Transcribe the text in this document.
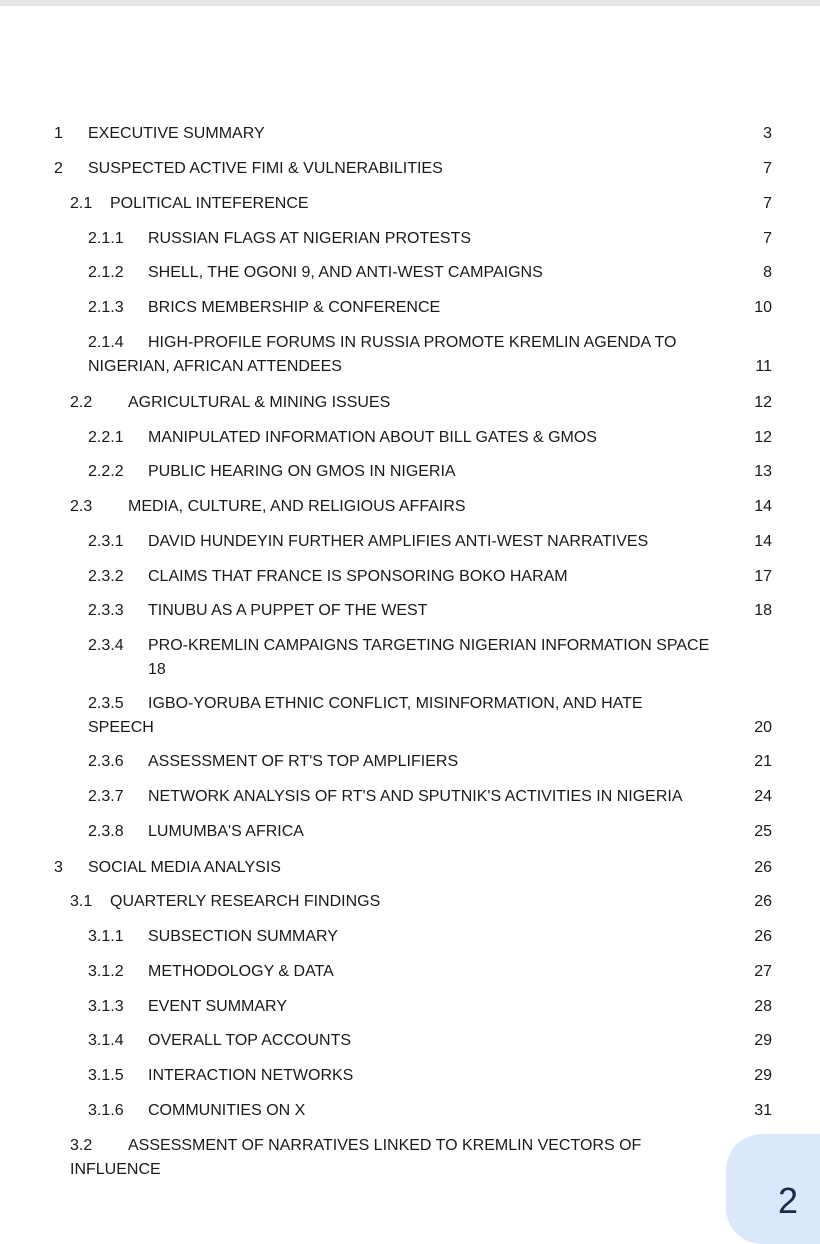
1 EXECUTIVE SUMMARY	3
2 SUSPECTED ACTIVE FIMI & VULNERABILITIES	7
2.1 POLITICAL INTEFERENCE	7
2.1.1 RUSSIAN FLAGS AT NIGERIAN PROTESTS	7
2.1.2 SHELL, THE OGONI 9, AND ANTI-WEST CAMPAIGNS	8
2.1.3 BRICS MEMBERSHIP & CONFERENCE	10
2.1.4 HIGH-PROFILE FORUMS IN RUSSIA PROMOTE KREMLIN AGENDA TO
NIGERIAN, AFRICAN ATTENDEES	11
2.2 AGRICULTURAL & MINING ISSUES	12
2.2.1 MANIPULATED INFORMATION ABOUT BILL GATES & GMOS	12
2.2.2 PUBLIC HEARING ON GMOS IN NIGERIA	13
2.3 MEDIA, CULTURE, AND RELIGIOUS AFFAIRS	14
2.3.1 DAVID HUNDEYIN FURTHER AMPLIFIES ANTI-WEST NARRATIVES	14
2.3.2 CLAIMS THAT FRANCE IS SPONSORING BOKO HARAM	17
2.3.3 TINUBU AS A PUPPET OF THE WEST	18
2.3.4 PRO-KREMLIN CAMPAIGNS TARGETING NIGERIAN INFORMATION SPACE
18
2.3.5 IGBO-YORUBA ETHNIC CONFLICT, MISINFORMATION, AND HATE
SPEECH	20
2.3.6 ASSESSMENT OF RT'S TOP AMPLIFIERS	21
2.3.7 NETWORK ANALYSIS OF RT'S AND SPUTNIK'S ACTIVITIES IN NIGERIA	24
2.3.8 LUMUMBA'S AFRICA	25
3 SOCIAL MEDIA ANALYSIS	26
3.1 QUARTERLY RESEARCH FINDINGS	26
3.1.1 SUBSECTION SUMMARY	26
3.1.2 METHODOLOGY & DATA	27
3.1.3 EVENT SUMMARY	28
3.1.4 OVERALL TOP ACCOUNTS	29
3.1.5 INTERACTION NETWORKS	29
3.1.6 COMMUNITIES ON X	31
3.2 ASSESSMENT OF NARRATIVES LINKED TO KREMLIN VECTORS OF
INFLUENCE
2
